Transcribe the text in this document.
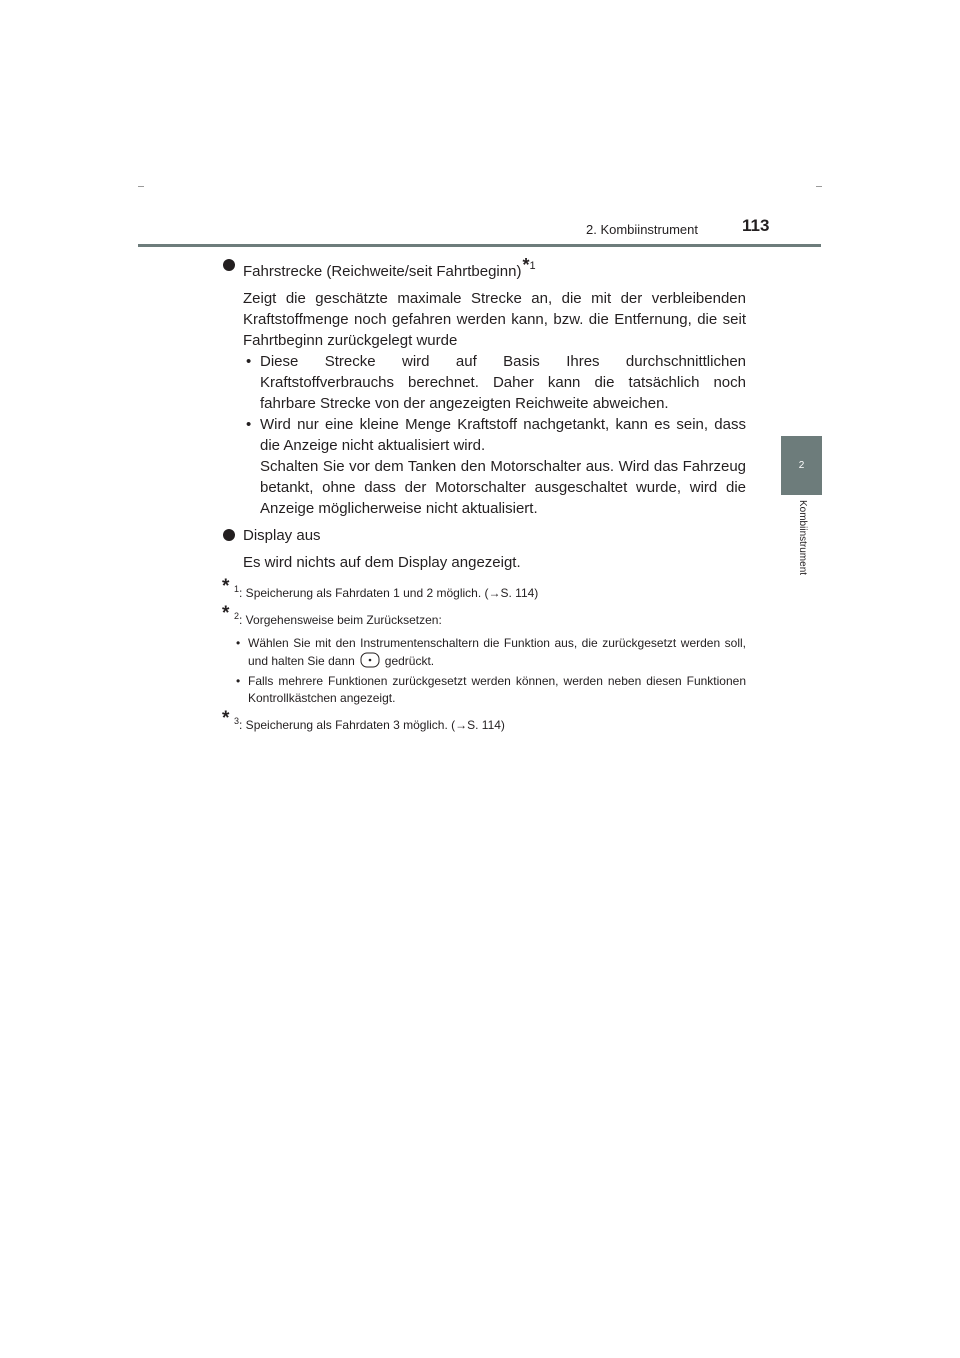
2. Kombiinstrument	113
2
Kombiinstrument

Fahrstrecke (Reichweite/seit Fahrtbeginn)*$^1$

Zeigt die geschätzte maximale Strecke an, die mit der verbleibenden Kraftstoffmenge noch gefahren werden kann, bzw. die Entfernung, die seit Fahrtbeginn zurückgelegt wurde

• Diese Strecke wird auf Basis Ihres durchschnittlichen Kraftstoffverbrauchs berechnet. Daher kann die tatsächlich noch fahrbare Strecke von der angezeigten Reichweite abweichen.

• Wird nur eine kleine Menge Kraftstoff nachgetankt, kann es sein, dass die Anzeige nicht aktualisiert wird.

Schalten Sie vor dem Tanken den Motorschalter aus. Wird das Fahrzeug betankt, ohne dass der Motorschalter ausgeschaltet wurde, wird die Anzeige möglicherweise nicht aktualisiert.

Display aus

Es wird nichts auf dem Display angezeigt.

* $^1$: Speicherung als Fahrdaten 1 und 2 möglich. (→S. 114)
* $^2$: Vorgehensweise beim Zurücksetzen:
• Wählen Sie mit den Instrumentenschaltern die Funktion aus, die zurückgesetzt werden soll, und halten Sie dann	gedrückt.
• Falls mehrere Funktionen zurückgesetzt werden können, werden neben diesen Funktionen Kontrollkästchen angezeigt.
* $^3$: Speicherung als Fahrdaten 3 möglich. (→S. 114)
